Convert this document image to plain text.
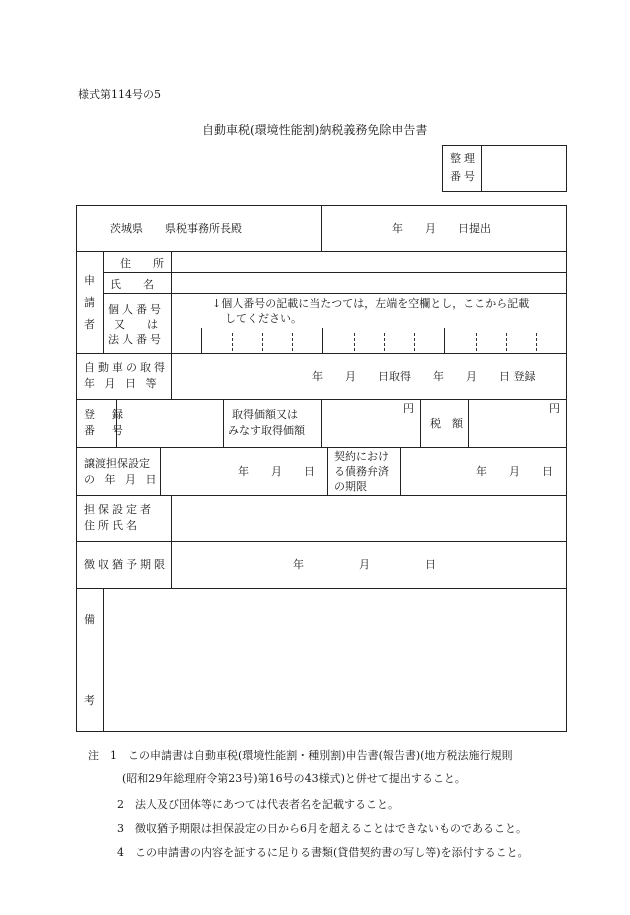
様式第114号の5
自動車税(環境性能割)納税義務免除申告書
整理
番号
茨城県　　県税事務所長殿	年　　月　　日提出
申
請
者
住　　所
氏　　名
個人番号
又　　は
法人番号
↓個人番号の記載に当たつては，左端を空欄とし，ここから記載
してください。
自動車の取得
年 月 日 等
年　　月　　日取得　　年　　月　　日 登録
登　録
番　号
取得価額又は
みなす取得価額
円
税　額
円
譲渡担保設定
の 年 月 日
年　　月　　日
契約におけ
る債務弁済
の期限
年　　月　　日
担保設定者
住所氏名
徴収猶予期限	年　　　　　月　　　　　日
備
考
注　1　この申請書は自動車税(環境性能割・種別割)申告書(報告書)(地方税法施行規則
(昭和29年総理府令第23号)第16号の43様式)と併せて提出すること。
2　法人及び団体等にあつては代表者名を記載すること。
3　徴収猶予期限は担保設定の日から6月を超えることはできないものであること。
4　この申請書の内容を証するに足りる書類(貸借契約書の写し等)を添付すること。
